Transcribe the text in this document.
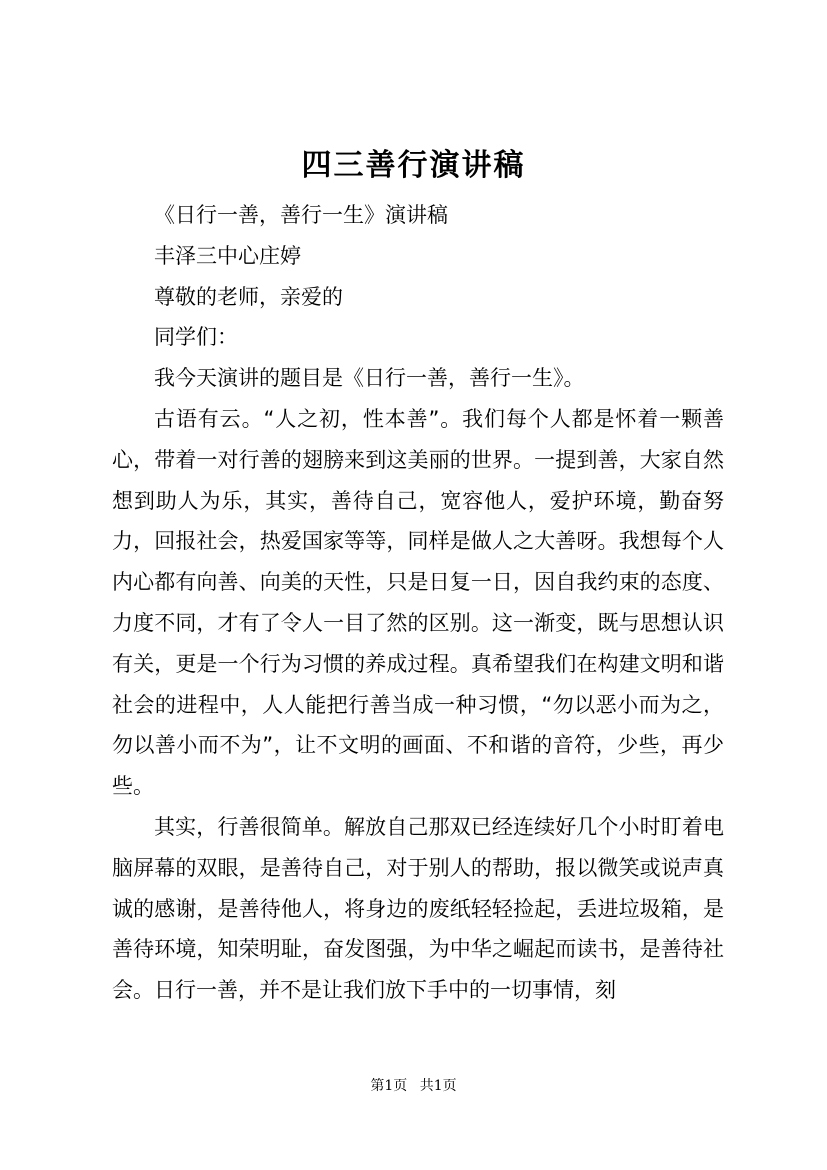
四三善行演讲稿

《日行一善，善行一生》演讲稿

丰泽三中心庄婷

尊敬的老师，亲爱的

同学们：

我今天演讲的题目是《日行一善，善行一生》。

古语有云。“人之初，性本善”。我们每个人都是怀着一颗善心，带着一对行善的翅膀来到这美丽的世界。一提到善，大家自然想到助人为乐，其实，善待自己，宽容他人，爱护环境，勤奋努力，回报社会，热爱国家等等，同样是做人之大善呀。我想每个人内心都有向善、向美的天性，只是日复一日，因自我约束的态度、力度不同，才有了令人一目了然的区别。这一渐变，既与思想认识有关，更是一个行为习惯的养成过程。真希望我们在构建文明和谐社会的进程中，人人能把行善当成一种习惯，“勿以恶小而为之，勿以善小而不为”，让不文明的画面、不和谐的音符，少些，再少些。

其实，行善很简单。解放自己那双已经连续好几个小时盯着电脑屏幕的双眼，是善待自己，对于别人的帮助，报以微笑或说声真诚的感谢，是善待他人，将身边的废纸轻轻捡起，丢进垃圾箱，是善待环境，知荣明耻，奋发图强，为中华之崛起而读书，是善待社会。日行一善，并不是让我们放下手中的一切事情，刻

第1页 共1页
